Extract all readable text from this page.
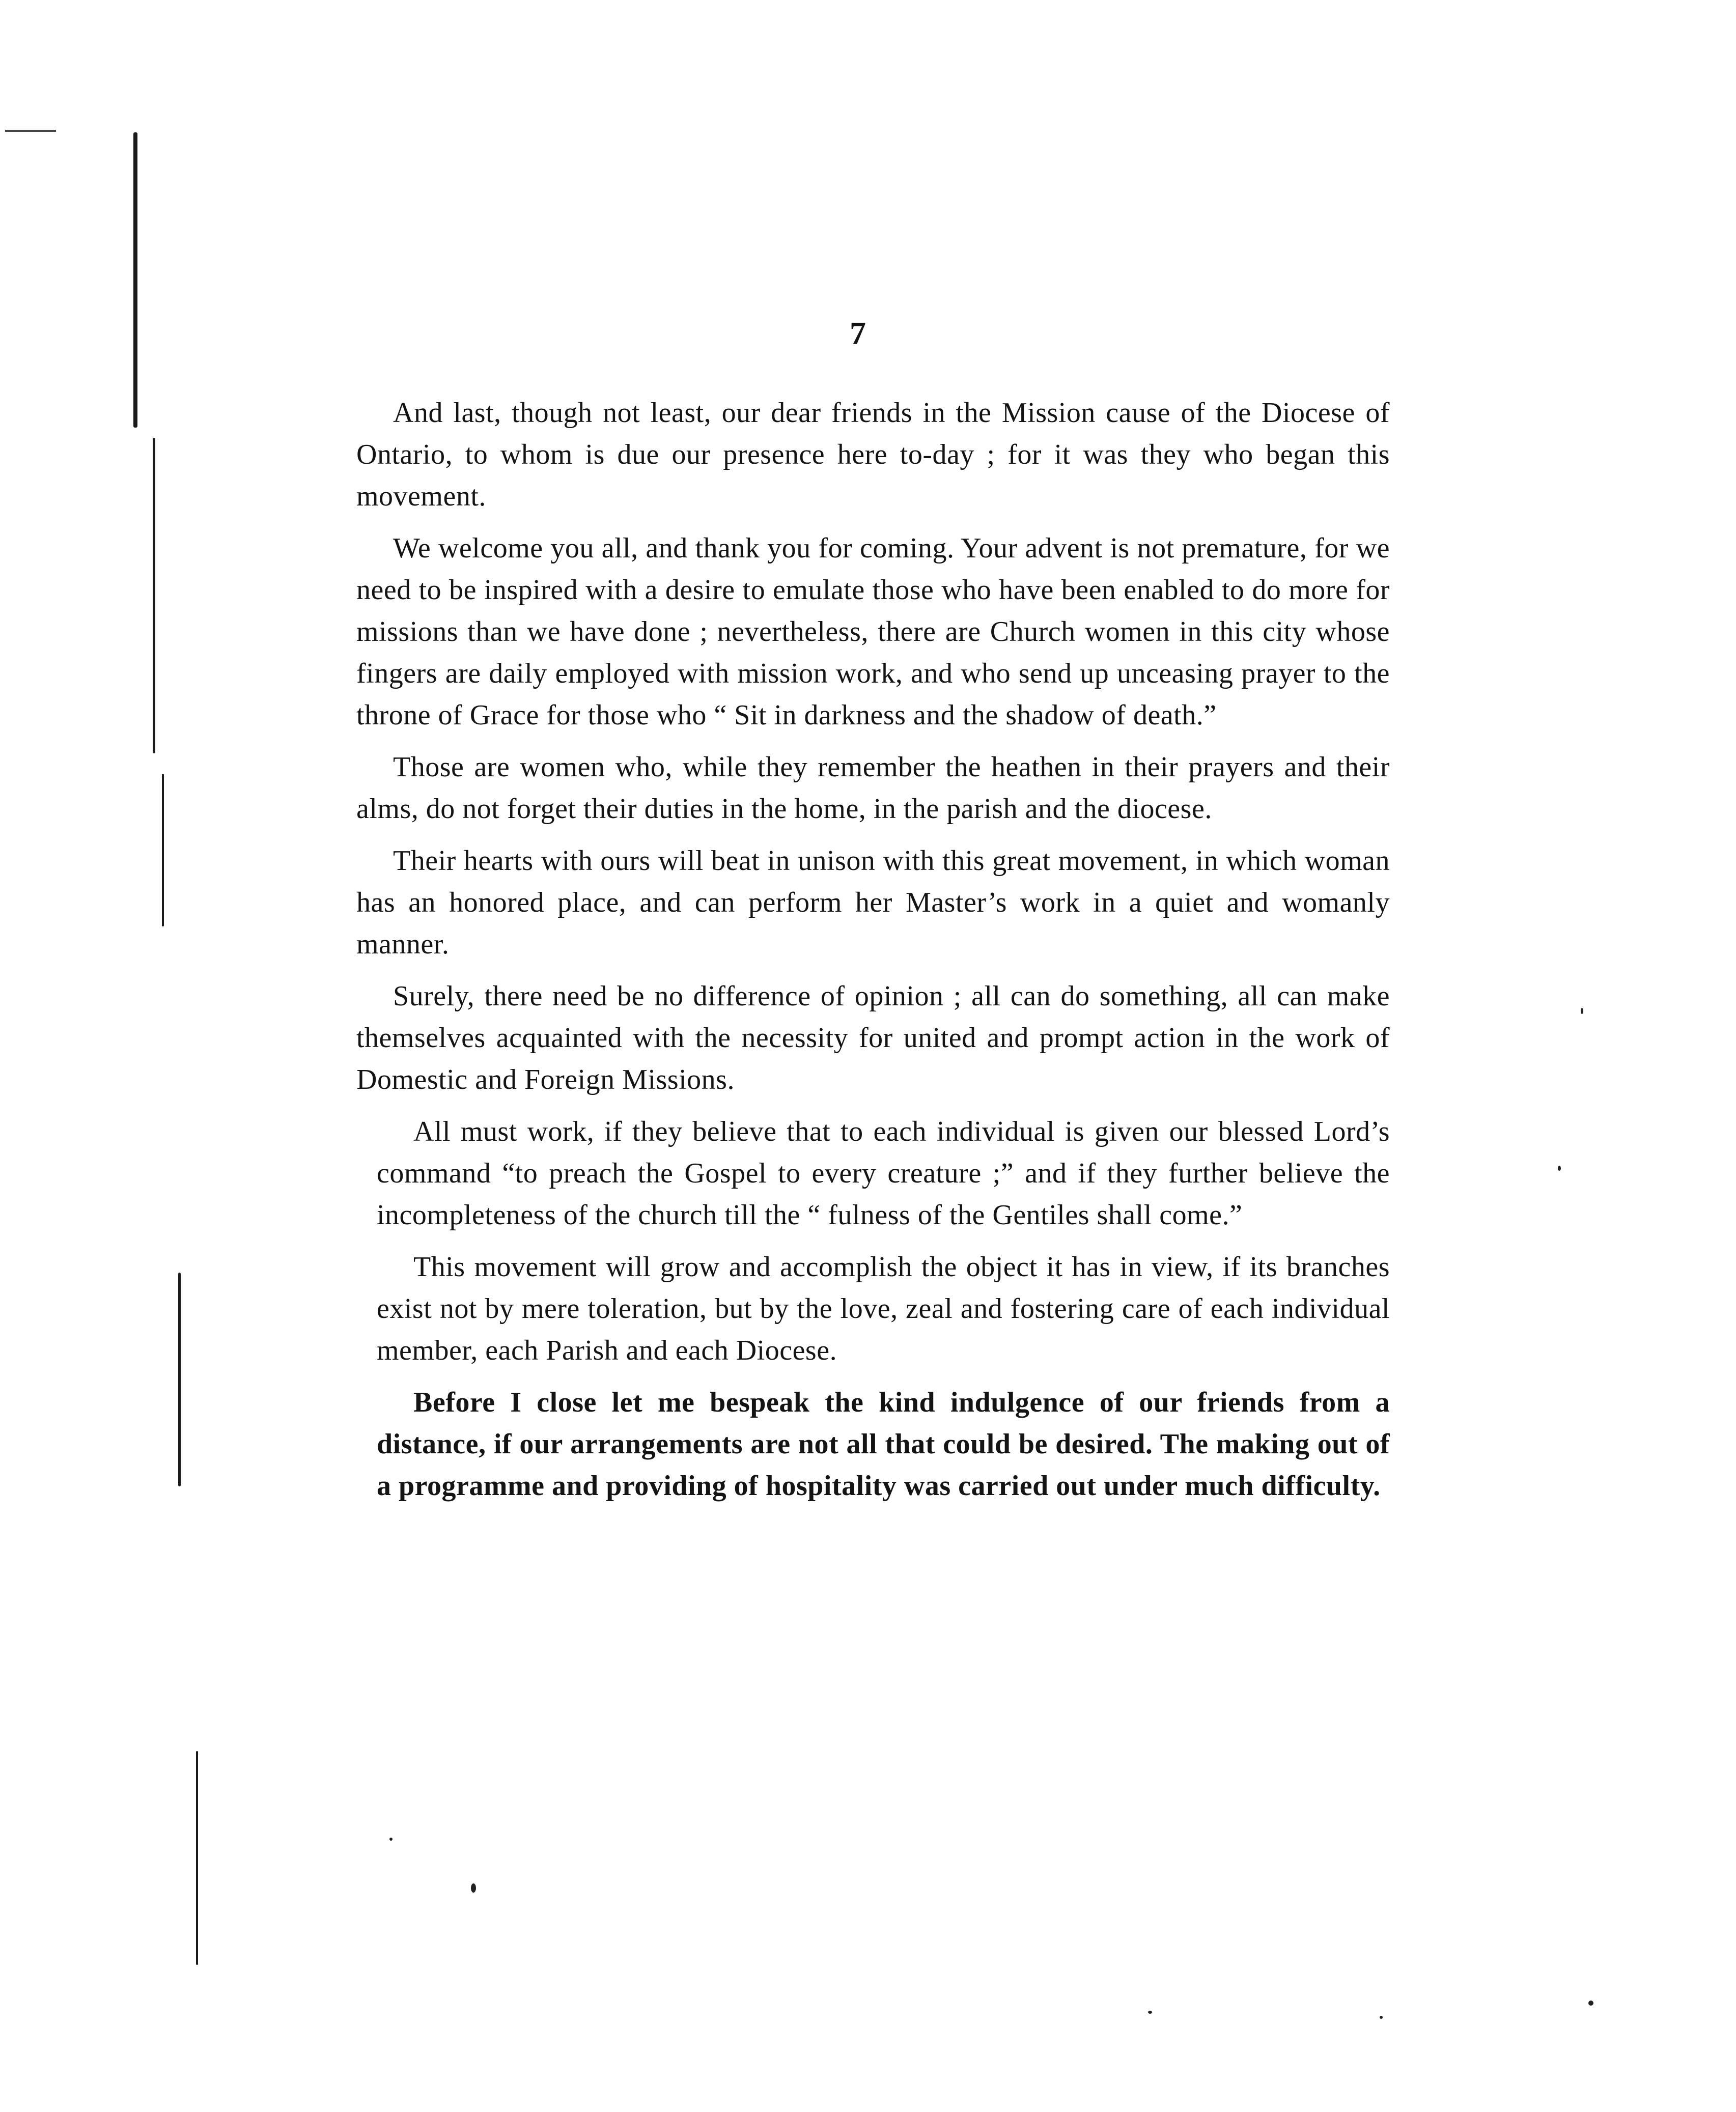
7

And last, though not least, our dear friends in the Mission cause of the Diocese of Ontario, to whom is due our presence here to-day ; for it was they who began this movement.

We welcome you all, and thank you for coming. Your advent is not premature, for we need to be inspired with a desire to emulate those who have been enabled to do more for missions than we have done ; nevertheless, there are Church women in this city whose fingers are daily employed with mission work, and who send up unceasing prayer to the throne of Grace for those who “ Sit in darkness and the shadow of death.”

Those are women who, while they remember the heathen in their prayers and their alms, do not forget their duties in the home, in the parish and the diocese.

Their hearts with ours will beat in unison with this great movement, in which woman has an honored place, and can perform her Master’s work in a quiet and womanly manner.

Surely, there need be no difference of opinion ; all can do something, all can make themselves acquainted with the necessity for united and prompt action in the work of Domestic and Foreign Missions.

All must work, if they believe that to each individual is given our blessed Lord’s command “to preach the Gospel to every creature ;” and if they further believe the incompleteness of the church till the “ fulness of the Gentiles shall come.”

This movement will grow and accomplish the object it has in view, if its branches exist not by mere toleration, but by the love, zeal and fostering care of each individual member, each Parish and each Diocese.

Before I close let me bespeak the kind indulgence of our friends from a distance, if our arrangements are not all that could be desired. The making out of a programme and providing of hospitality was carried out under much difficulty.
